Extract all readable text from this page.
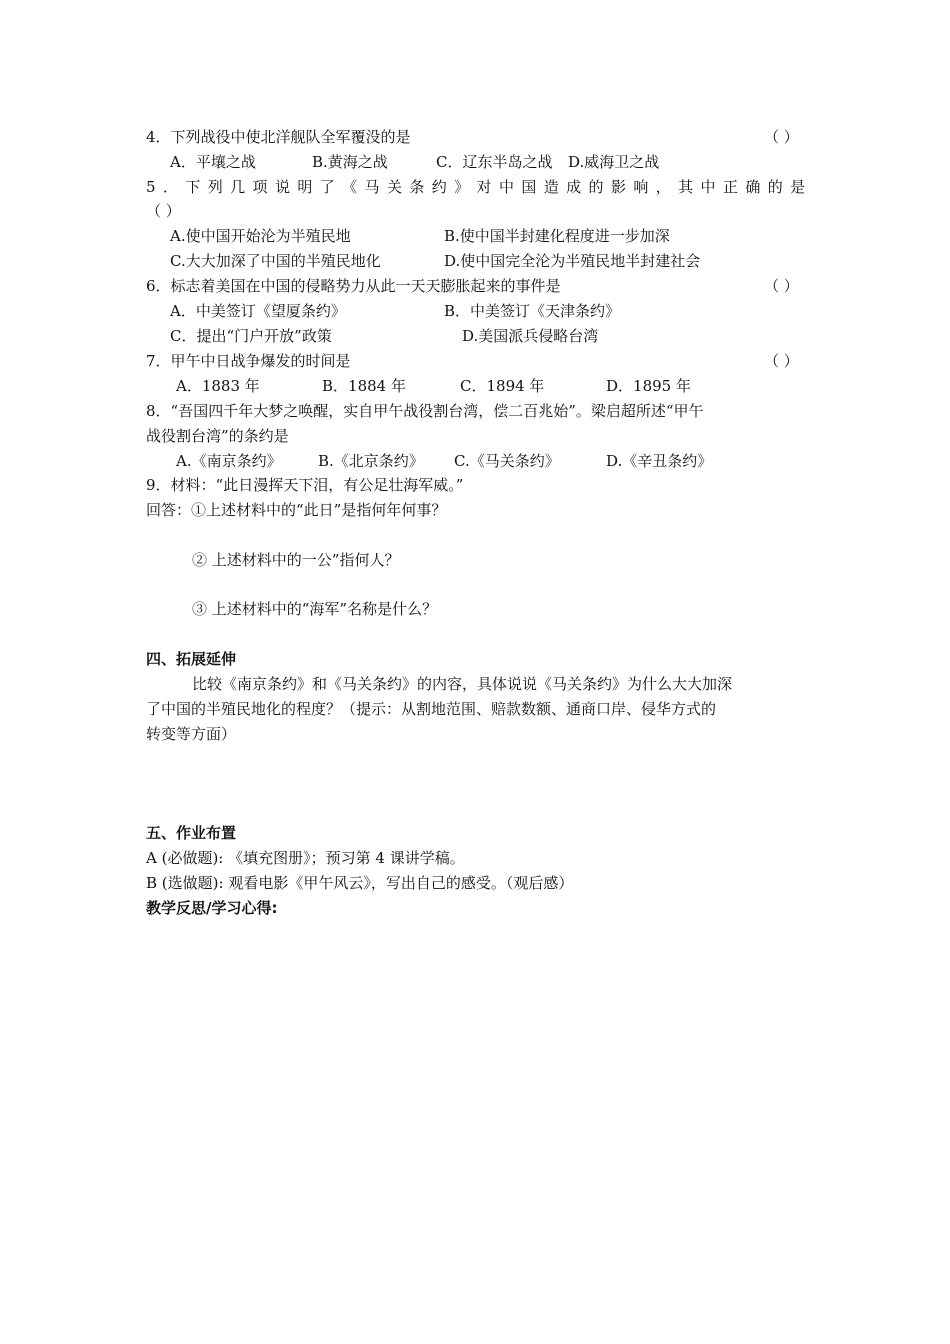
4．下列战役中使北洋舰队全军覆没的是	（ ）
A．平壤之战	B.黄海之战	C．辽东半岛之战 D.威海卫之战
5．下列几项说明了《马关条约》对中国造成的影响，其中正确的是
（ ）
A.使中国开始沦为半殖民地	B.使中国半封建化程度进一步加深
C.大大加深了中国的半殖民地化	D.使中国完全沦为半殖民地半封建社会
6．标志着美国在中国的侵略势力从此一天天膨胀起来的事件是	（ ）
A．中美签订《望厦条约》	B．中美签订《天津条约》
C．提出“门户开放”政策	D.美国派兵侵略台湾
7．甲午中日战争爆发的时间是	（ ）
A．1883 年	B．1884 年	C．1894 年	D．1895 年
8．“吾国四千年大梦之唤醒，实自甲午战役割台湾，偿二百兆始”。梁启超所述“甲午
战役割台湾”的条约是
A.《南京条约》 B.《北京条约》 C.《马关条约》	D.《辛丑条约》
9．材料：“此日漫挥天下泪，有公足壮海军威。”
回答：①上述材料中的“此日”是指何年何事？
② 上述材料中的一公”指何人？
③ 上述材料中的“海军”名称是什么？
四、拓展延伸
比较《南京条约》和《马关条约》的内容，具体说说《马关条约》为什么大大加深
了中国的半殖民地化的程度？（提示：从割地范围、赔款数额、通商口岸、侵华方式的
转变等方面）
五、作业布置
A (必做题): 《填充图册》；预习第 4 课讲学稿。
B (选做题): 观看电影《甲午风云》，写出自己的感受。（观后感）
教学反思/学习心得:
